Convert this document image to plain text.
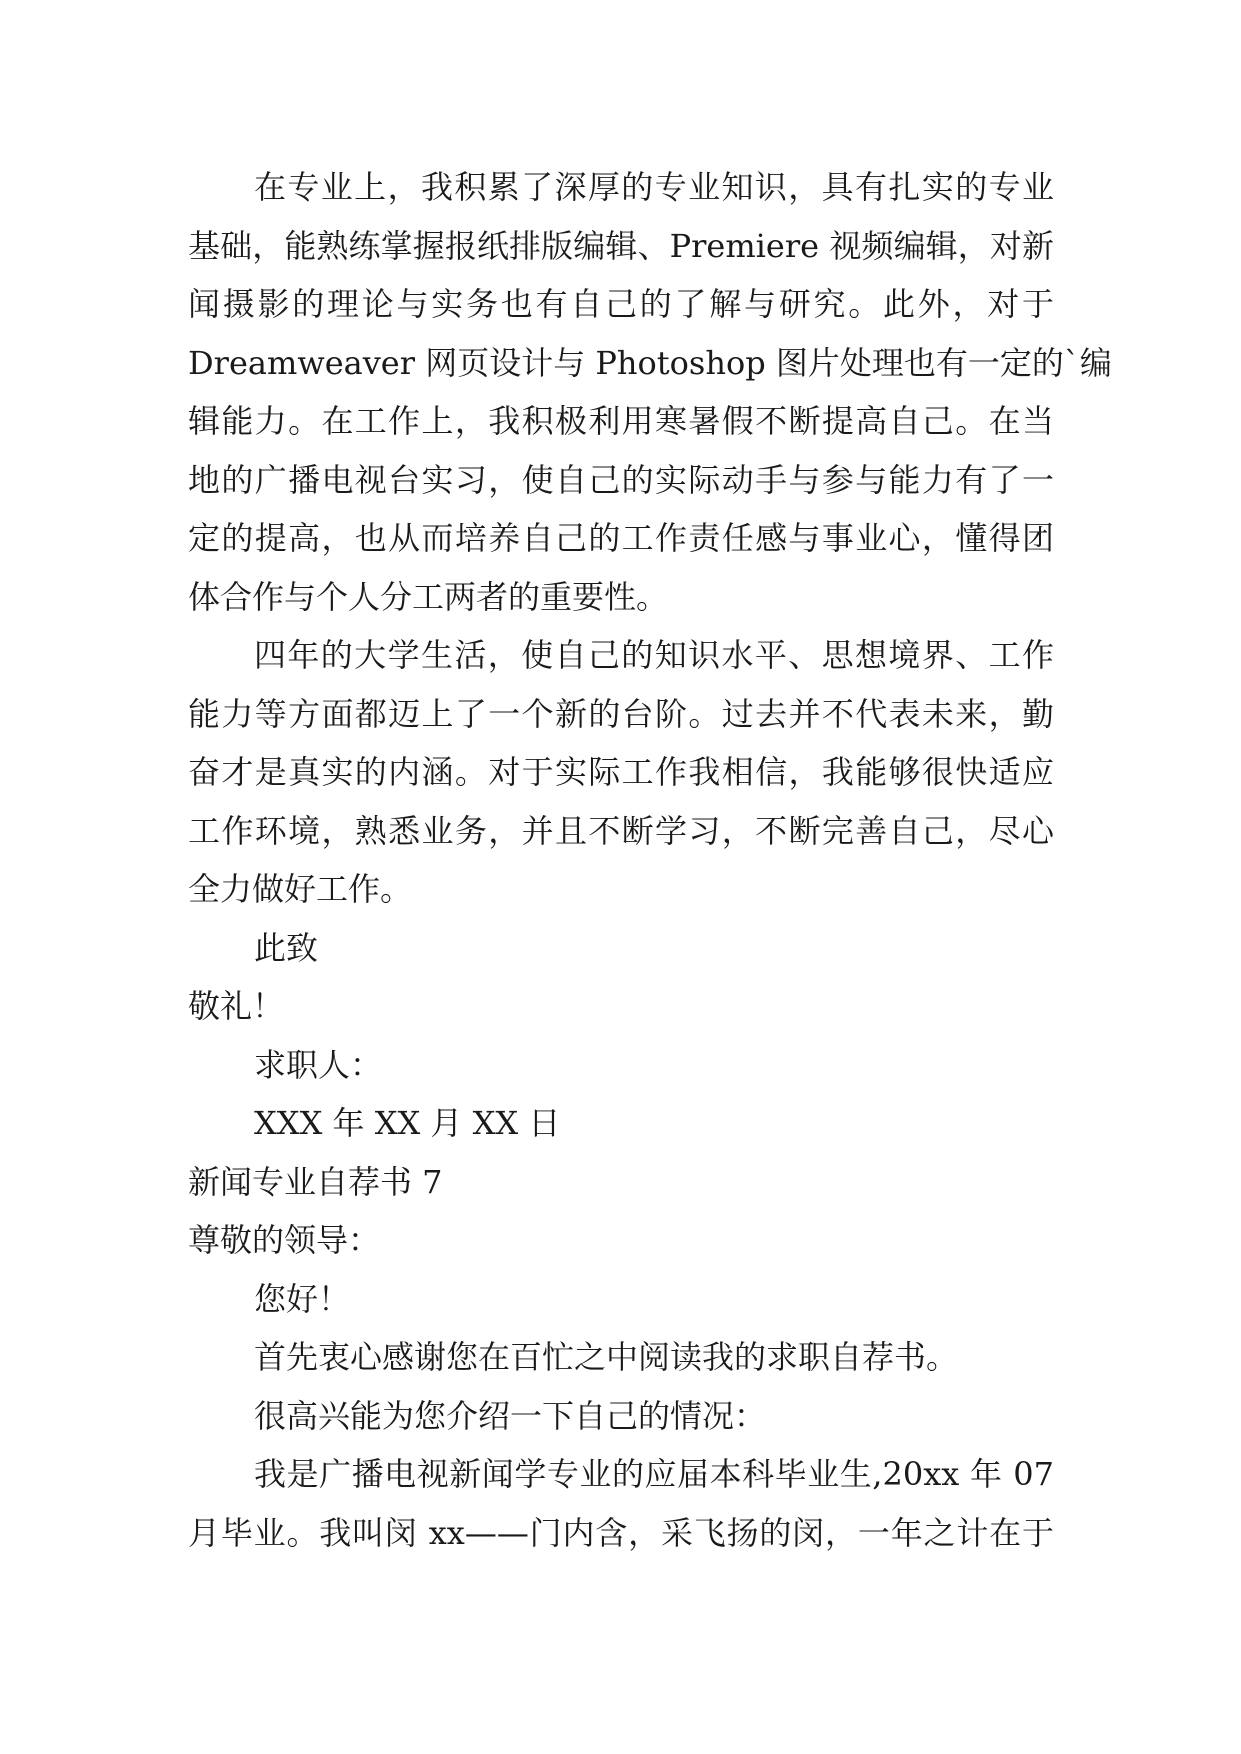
在专业上，我积累了深厚的专业知识，具有扎实的专业
基础，能熟练掌握报纸排版编辑、Premiere 视频编辑，对新
闻摄影的理论与实务也有自己的了解与研究。此外，对于
Dreamweaver 网页设计与 Photoshop 图片处理也有一定的`编
辑能力。在工作上，我积极利用寒暑假不断提高自己。在当
地的广播电视台实习，使自己的实际动手与参与能力有了一
定的提高，也从而培养自己的工作责任感与事业心，懂得团
体合作与个人分工两者的重要性。
四年的大学生活，使自己的知识水平、思想境界、工作
能力等方面都迈上了一个新的台阶。过去并不代表未来，勤
奋才是真实的内涵。对于实际工作我相信，我能够很快适应
工作环境，熟悉业务，并且不断学习，不断完善自己，尽心
全力做好工作。
此致
敬礼！
求职人：
XXX 年 XX 月 XX 日
新闻专业自荐书 7
尊敬的领导：
您好！
首先衷心感谢您在百忙之中阅读我的求职自荐书。
很高兴能为您介绍一下自己的情况：
我是广播电视新闻学专业的应届本科毕业生,20xx 年 07
月毕业。我叫闵 xx——门内含，采飞扬的闵，一年之计在于
